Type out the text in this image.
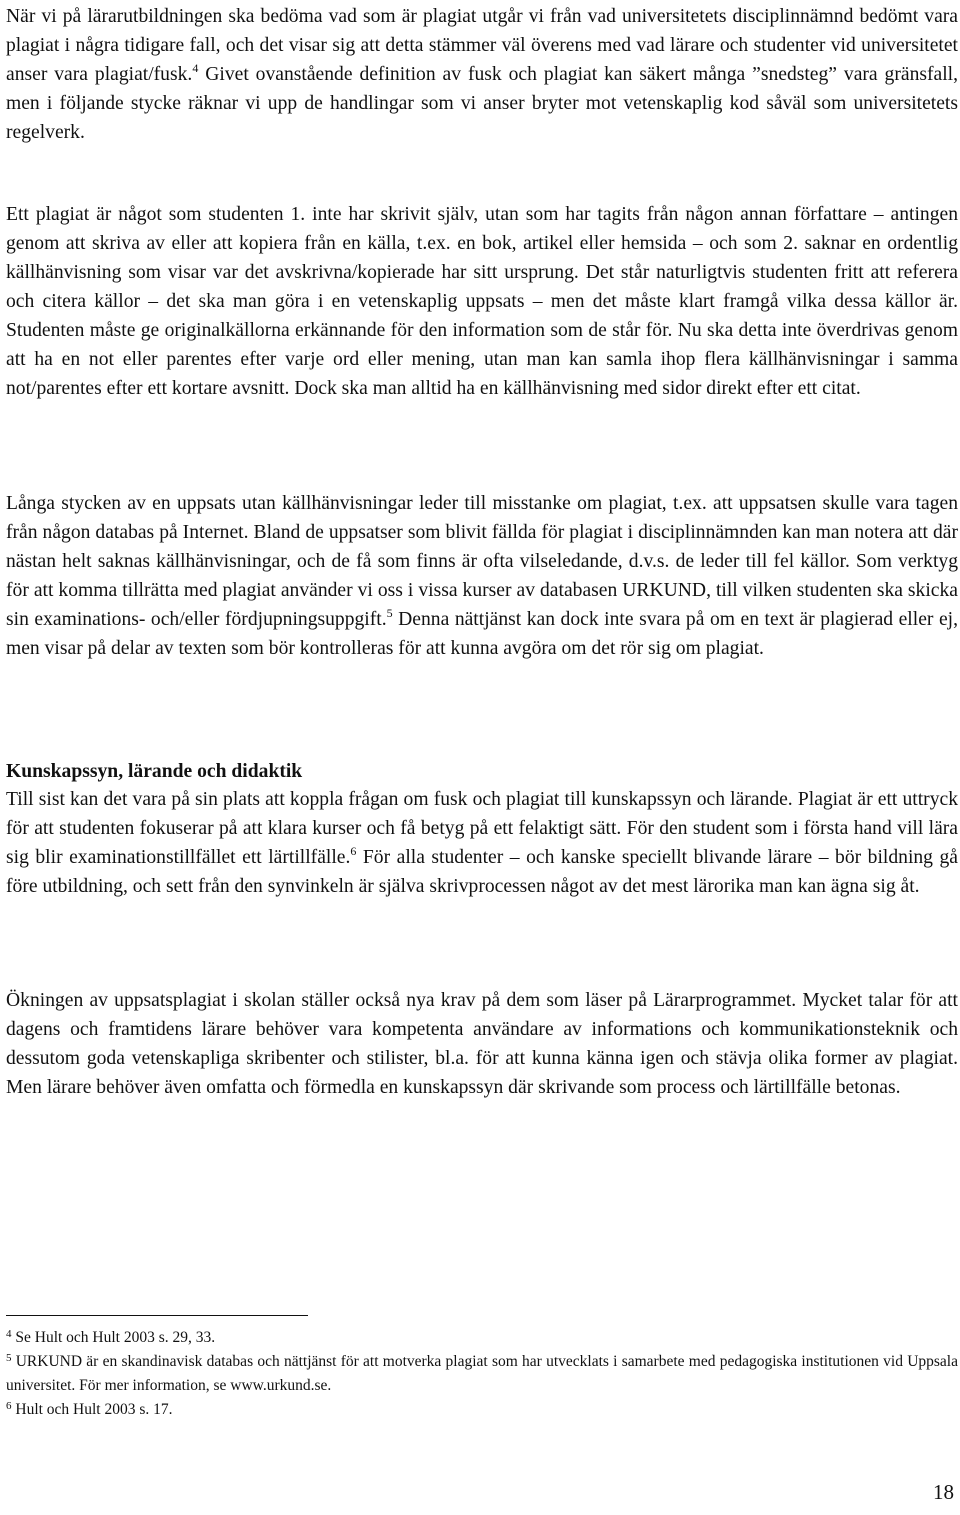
När vi på lärarutbildningen ska bedöma vad som är plagiat utgår vi från vad universitetets disciplinnämnd bedömt vara plagiat i några tidigare fall, och det visar sig att detta stämmer väl överens med vad lärare och studenter vid universitetet anser vara plagiat/fusk.$^4$ Givet ovanstående definition av fusk och plagiat kan säkert många ”snedsteg” vara gränsfall, men i följande stycke räknar vi upp de handlingar som vi anser bryter mot vetenskaplig kod såväl som universitetets regelverk.

Ett plagiat är något som studenten 1. inte har skrivit själv, utan som har tagits från någon annan författare – antingen genom att skriva av eller att kopiera från en källa, t.ex. en bok, artikel eller hemsida – och som 2. saknar en ordentlig källhänvisning som visar var det avskrivna/kopierade har sitt ursprung. Det står naturligtvis studenten fritt att referera och citera källor – det ska man göra i en vetenskaplig uppsats – men det måste klart framgå vilka dessa källor är. Studenten måste ge originalkällorna erkännande för den information som de står för. Nu ska detta inte överdrivas genom att ha en not eller parentes efter varje ord eller mening, utan man kan samla ihop flera källhänvisningar i samma not/parentes efter ett kortare avsnitt. Dock ska man alltid ha en källhänvisning med sidor direkt efter ett citat.

Långa stycken av en uppsats utan källhänvisningar leder till misstanke om plagiat, t.ex. att uppsatsen skulle vara tagen från någon databas på Internet. Bland de uppsatser som blivit fällda för plagiat i disciplinnämnden kan man notera att där nästan helt saknas källhänvisningar, och de få som finns är ofta vilseledande, d.v.s. de leder till fel källor. Som verktyg för att komma tillrätta med plagiat använder vi oss i vissa kurser av databasen URKUND, till vilken studenten ska skicka sin examinations- och/eller fördjupningsuppgift.$^5$ Denna nättjänst kan dock inte svara på om en text är plagierad eller ej, men visar på delar av texten som bör kontrolleras för att kunna avgöra om det rör sig om plagiat.

Kunskapssyn, lärande och didaktik

Till sist kan det vara på sin plats att koppla frågan om fusk och plagiat till kunskapssyn och lärande. Plagiat är ett uttryck för att studenten fokuserar på att klara kurser och få betyg på ett felaktigt sätt. För den student som i första hand vill lära sig blir examinationstillfället ett lärtillfälle.$^6$ För alla studenter – och kanske speciellt blivande lärare – bör bildning gå före utbildning, och sett från den synvinkeln är själva skrivprocessen något av det mest lärorika man kan ägna sig åt.

Ökningen av uppsatsplagiat i skolan ställer också nya krav på dem som läser på Lärarprogrammet. Mycket talar för att dagens och framtidens lärare behöver vara kompetenta användare av informations och kommunikationsteknik och dessutom goda vetenskapliga skribenter och stilister, bl.a. för att kunna känna igen och stävja olika former av plagiat. Men lärare behöver även omfatta och förmedla en kunskapssyn där skrivande som process och lärtillfälle betonas.

$^4$ Se Hult och Hult 2003 s. 29, 33.

$^5$ URKUND är en skandinavisk databas och nättjänst för att motverka plagiat som har utvecklats i samarbete med pedagogiska institutionen vid Uppsala universitet. För mer information, se www.urkund.se.

$^6$ Hult och Hult 2003 s. 17.

18
